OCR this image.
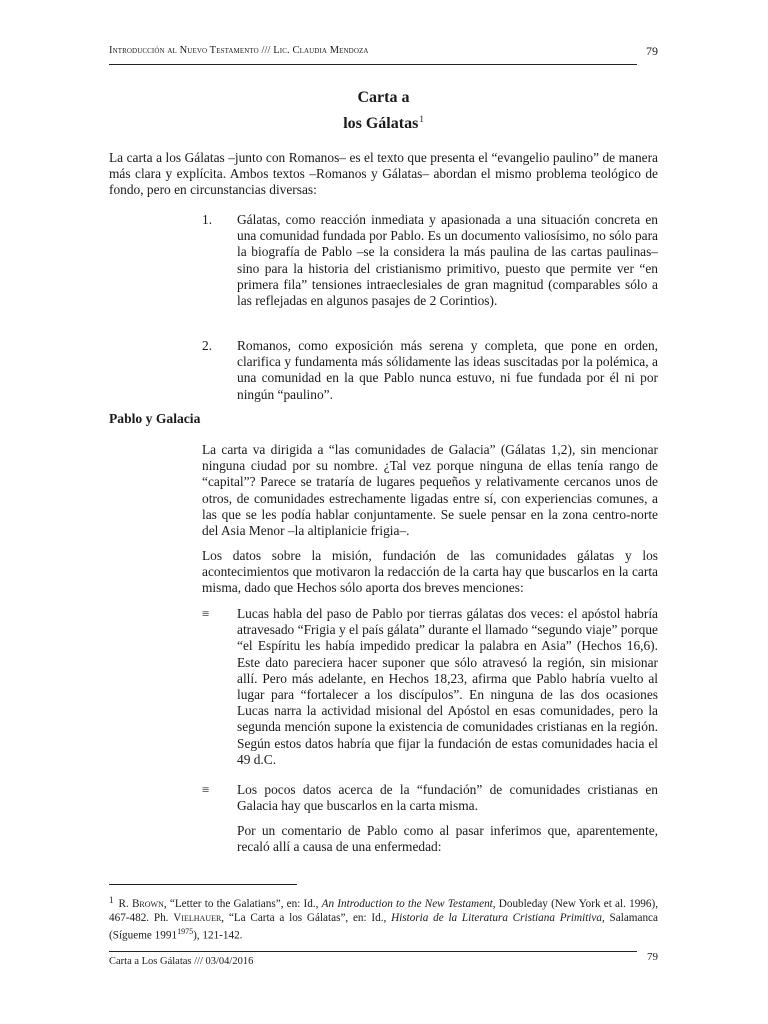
Introducción al Nuevo Testamento /// Lic. Claudia Mendoza	79
Carta a
los Gálatas$^1$
La carta a los Gálatas –junto con Romanos– es el texto que presenta el “evangelio paulino” de manera más clara y explícita. Ambos textos –Romanos y Gálatas– abordan el mismo problema teológico de fondo, pero en circunstancias diversas:
1. Gálatas, como reacción inmediata y apasionada a una situación concreta en una comunidad fundada por Pablo. Es un documento valiosísimo, no sólo para la biografía de Pablo –se la considera la más paulina de las cartas paulinas– sino para la historia del cristianismo primitivo, puesto que permite ver “en primera fila” tensiones intraeclesiales de gran magnitud (comparables sólo a las reflejadas en algunos pasajes de 2 Corintios).
2. Romanos, como exposición más serena y completa, que pone en orden, clarifica y fundamenta más sólidamente las ideas suscitadas por la polémica, a una comunidad en la que Pablo nunca estuvo, ni fue fundada por él ni por ningún “paulino”.
Pablo y Galacia
La carta va dirigida a “las comunidades de Galacia” (Gálatas 1,2), sin mencionar ninguna ciudad por su nombre. ¿Tal vez porque ninguna de ellas tenía rango de “capital”? Parece se trataría de lugares pequeños y relativamente cercanos unos de otros, de comunidades estrechamente ligadas entre sí, con experiencias comunes, a las que se les podía hablar conjuntamente. Se suele pensar en la zona centro-norte del Asia Menor –la altiplanicie frigia–.
Los datos sobre la misión, fundación de las comunidades gálatas y los acontecimientos que motivaron la redacción de la carta hay que buscarlos en la carta misma, dado que Hechos sólo aporta dos breves menciones:
≡ Lucas habla del paso de Pablo por tierras gálatas dos veces: el apóstol habría atravesado “Frigia y el país gálata” durante el llamado “segundo viaje” porque “el Espíritu les había impedido predicar la palabra en Asia” (Hechos 16,6). Este dato pareciera hacer suponer que sólo atravesó la región, sin misionar allí. Pero más adelante, en Hechos 18,23, afirma que Pablo habría vuelto al lugar para “fortalecer a los discípulos”. En ninguna de las dos ocasiones Lucas narra la actividad misional del Apóstol en esas comunidades, pero la segunda mención supone la existencia de comunidades cristianas en la región. Según estos datos habría que fijar la fundación de estas comunidades hacia el 49 d.C.
≡ Los pocos datos acerca de la “fundación” de comunidades cristianas en Galacia hay que buscarlos en la carta misma.
Por un comentario de Pablo como al pasar inferimos que, aparentemente, recaló allí a causa de una enfermedad:
$^1$ R. Brown, “Letter to the Galatians”, en: Id., An Introduction to the New Testament, Doubleday (New York et al. 1996), 467-482. Ph. Vielhauer, “La Carta a los Gálatas”, en: Id., Historia de la Literatura Cristiana Primitiva, Salamanca (Sígueme $1991^{1975}$), 121-142.
Carta a Los Gálatas /// 03/04/2016	79
